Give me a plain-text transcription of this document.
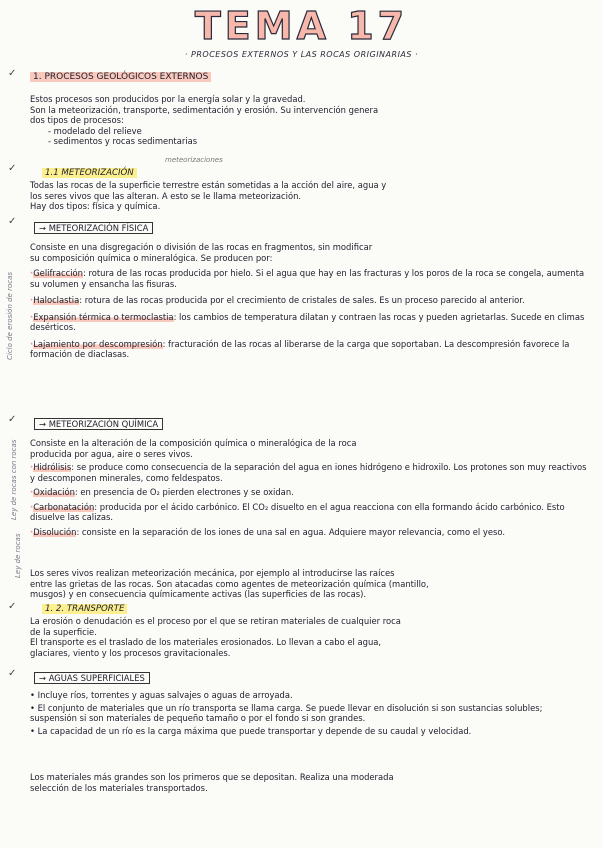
TEMA 17
· PROCESOS EXTERNOS Y LAS ROCAS ORIGINARIAS ·
Ciclo de erosión de rocas
Ley de rocas con rocas
Ley de rocas
✓	1. PROCESOS GEOLÓGICOS EXTERNOS

Estos procesos son producidos por la energía solar y la gravedad.

Son la meteorización, transporte, sedimentación y erosión. Su intervención genera

dos tipos de procesos:

- modelado del relieve

- sedimentos y rocas sedimentarias

✓	1.1 METEORIZACIÓN
meteorizaciones

Todas las rocas de la superficie terrestre están sometidas a la acción del aire, agua y

los seres vivos que las alteran. A esto se le llama meteorización.

Hay dos tipos: física y química.

✓
→ METEORIZACIÓN FÍSICA

Consiste en una disgregación o división de las rocas en fragmentos, sin modificar

su composición química o mineralógica. Se producen por:

·Gelifracción: rotura de las rocas producida por hielo. Si el agua que hay en las fracturas y los poros de la roca se congela, aumenta su volumen y ensancha las fisuras.

·Haloclastia: rotura de las rocas producida por el crecimiento de cristales de sales. Es un proceso parecido al anterior.

·Expansión térmica o termoclastia: los cambios de temperatura dilatan y contraen las rocas y pueden agrietarlas. Sucede en climas desérticos.

·Lajamiento por descompresión: fracturación de las rocas al liberarse de la carga que soportaban. La descompresión favorece la formación de diaclasas.

✓	→ METEORIZACIÓN QUÍMICA

Consiste en la alteración de la composición química o mineralógica de la roca

producida por agua, aire o seres vivos.

·Hidrólisis: se produce como consecuencia de la separación del agua en iones hidrógeno e hidroxilo. Los protones son muy reactivos y descomponen minerales, como feldespatos.

·Oxidación: en presencia de O₂ pierden electrones y se oxidan.

·Carbonatación: producida por el ácido carbónico. El CO₂ disuelto en el agua reacciona con ella formando ácido carbónico. Esto disuelve las calizas.

·Disolución: consiste en la separación de los iones de una sal en agua. Adquiere mayor relevancia, como el yeso.

Los seres vivos realizan meteorización mecánica, por ejemplo al introducirse las raíces

entre las grietas de las rocas. Son atacadas como agentes de meteorización química (mantillo,

musgos) y en consecuencia químicamente activas (las superficies de las rocas).

✓	1. 2. TRANSPORTE

La erosión o denudación es el proceso por el que se retiran materiales de cualquier roca

de la superficie.

El transporte es el traslado de los materiales erosionados. Lo llevan a cabo el agua,

glaciares, viento y los procesos gravitacionales.

✓	→ AGUAS SUPERFICIALES

• Incluye ríos, torrentes y aguas salvajes o aguas de arroyada.

• El conjunto de materiales que un río transporta se llama carga. Se puede llevar en disolución si son sustancias solubles; suspensión si son materiales de pequeño tamaño o por el fondo si son grandes.

• La capacidad de un río es la carga máxima que puede transportar y depende de su caudal y velocidad.

Los materiales más grandes son los primeros que se depositan. Realiza una moderada

selección de los materiales transportados.
